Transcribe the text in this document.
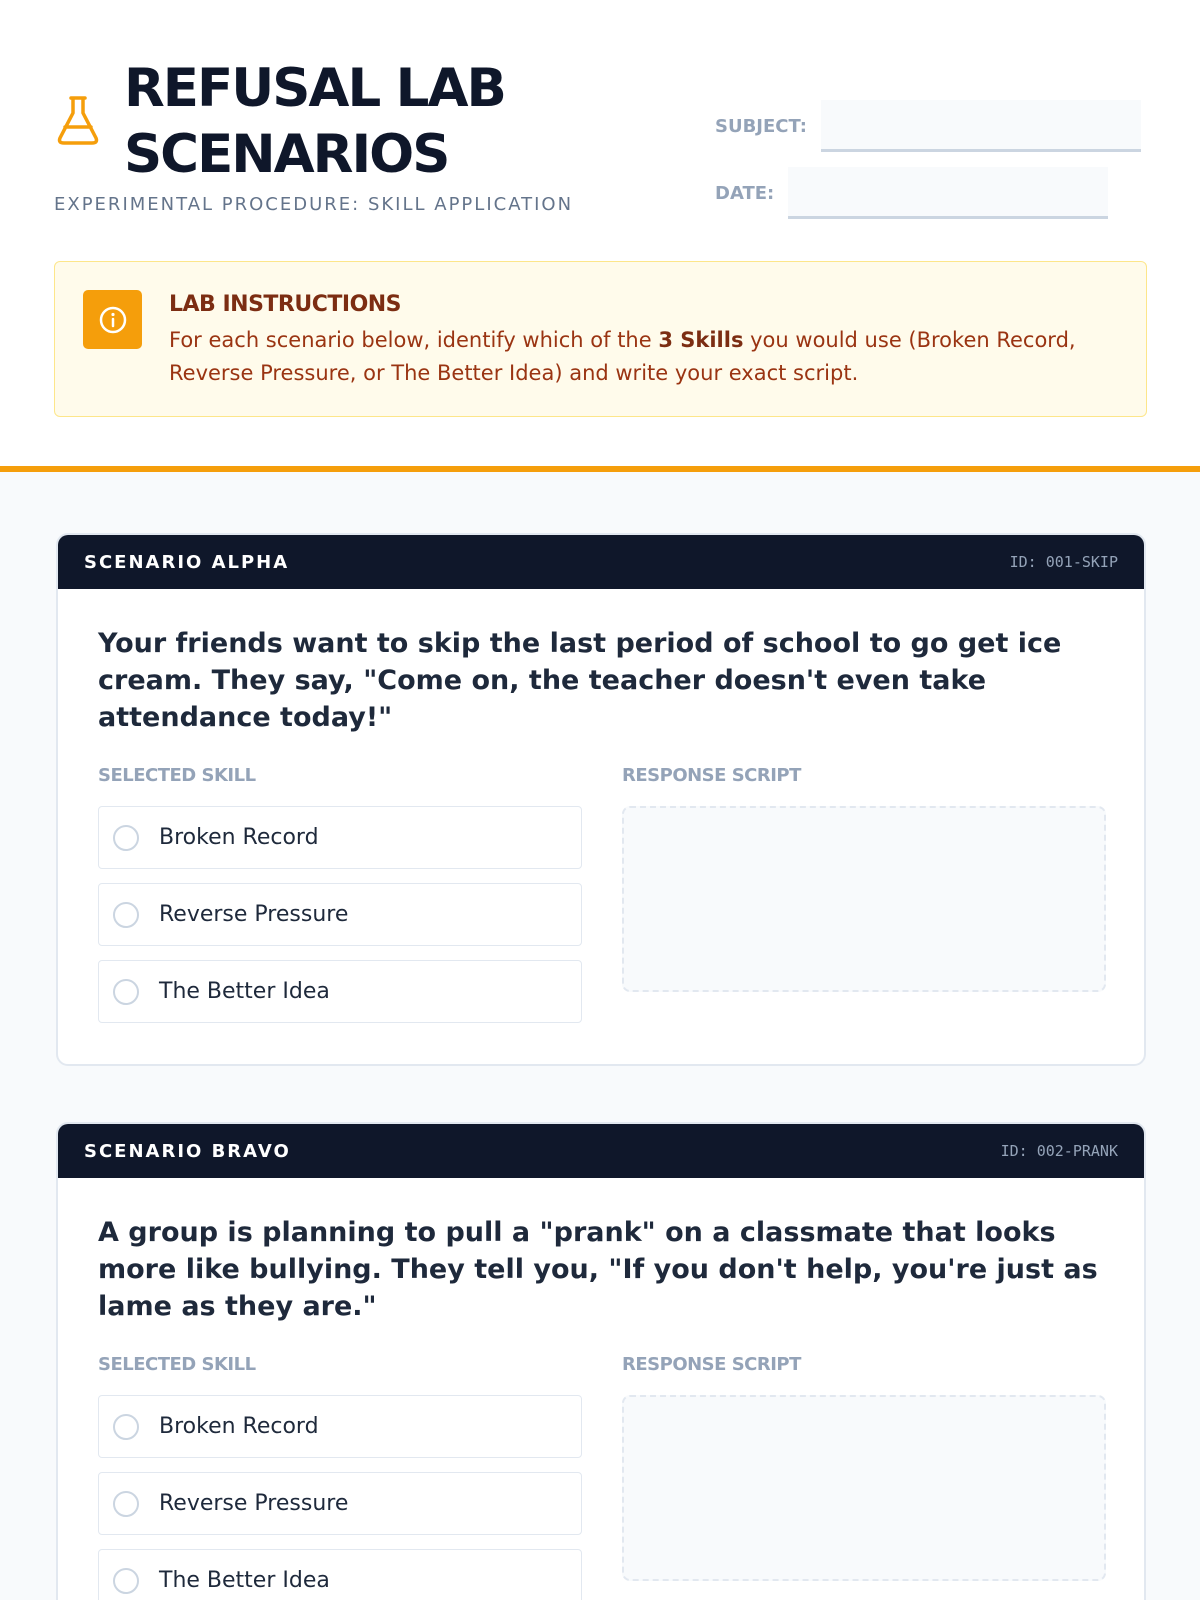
REFUSAL LAB
SCENARIOS
EXPERIMENTAL PROCEDURE: SKILL APPLICATION
SUBJECT:
DATE:
LAB INSTRUCTIONS
For each scenario below, identify which of the 3 Skills you would use (Broken Record, Reverse Pressure, or The Better Idea) and write your exact script.
SCENARIO ALPHA	ID: 001-SKIP
Your friends want to skip the last period of school to go get ice cream. They say, "Come on, the teacher doesn't even take attendance today!"
SELECTED SKILL	RESPONSE SCRIPT
Broken Record
Reverse Pressure
The Better Idea
SCENARIO BRAVO	ID: 002-PRANK
A group is planning to pull a "prank" on a classmate that looks more like bullying. They tell you, "If you don't help, you're just as lame as they are."
SELECTED SKILL	RESPONSE SCRIPT
Broken Record
Reverse Pressure
The Better Idea
